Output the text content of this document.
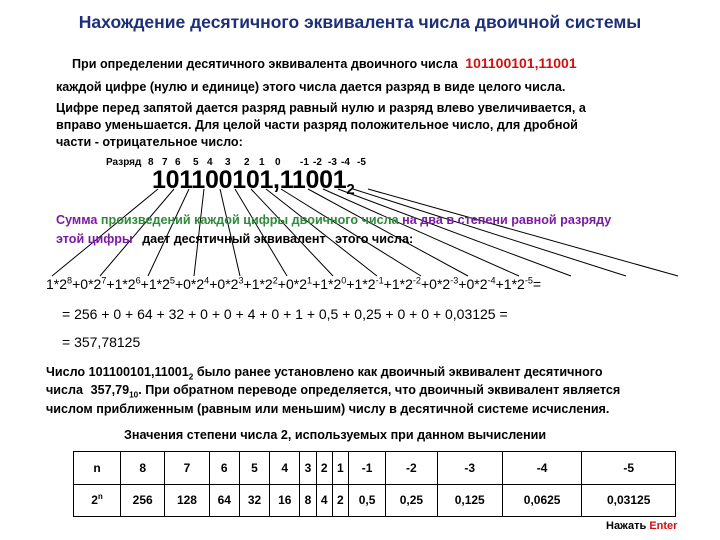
Нахождение десятичного эквивалента числа двоичной системы
При определении десятичного эквивалента двоичного числа 101100101,11001
каждой цифре (нулю и единице) этого числа дается разряд в виде целого числа.
Цифре перед запятой дается разряд равный нулю и разряд влево увеличивается, а
вправо уменьшается. Для целой части разряд положительное число, для дробной
части - отрицательное число:
Разряд 8 7 6 5 4 3 2 1 0 -1 -2 -3 -4 -5
$101100101,11001_2$
Сумма произведений каждой цифры двоичного числа на два в степени равной разряду
этой цифры дает десятичный эквивалент этого числа:
$1*2^8+0*2^7+1*2^6+1*2^5+0*2^4+0*2^3+1*2^2+0*2^1+1*2^0+1*2^{-1}+1*2^{-2}+0*2^{-3}+0*2^{-4}+1*2^{-5}=$
= 256 + 0 + 64 + 32 + 0 + 0 + 4 + 0 + 1 + 0,5 + 0,25 + 0 + 0 + 0,03125 =
= 357,78125
Число $101100101,11001_2$ было ранее установлено как двоичный эквивалент десятичного
числа $357,79_{10}$. При обратном переводе определяется, что двоичный эквивалент является
числом приближенным (равным или меньшим) числу в десятичной системе исчисления.
Значения степени числа 2, используемых при данном вычислении
n	8	7	6	5	4	3	2	1	-1	-2	-3	-4	-5
2$^n$	256	128	64	32	16	8	4	2	0,5	0,25	0,125	0,0625	0,03125
Нажать Enter
